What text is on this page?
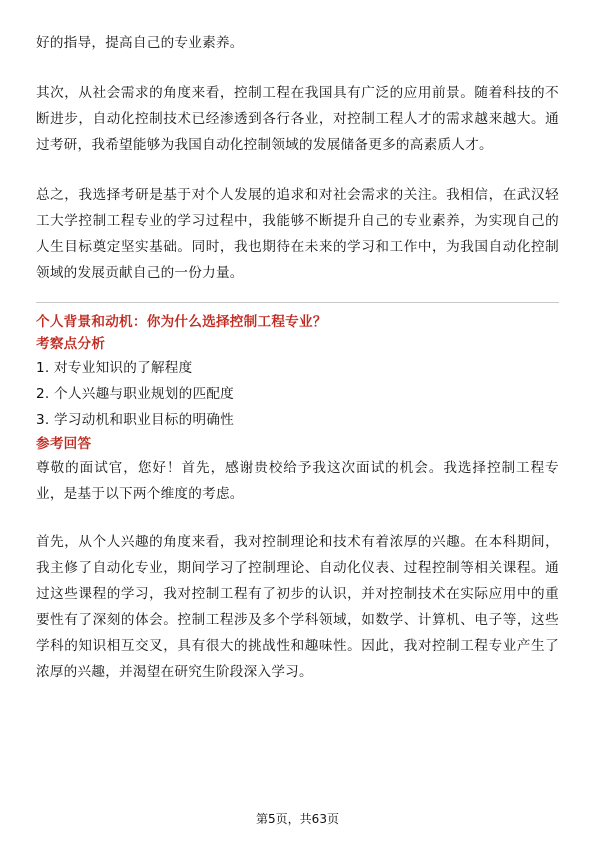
好的指导，提高自己的专业素养。

其次，从社会需求的角度来看，控制工程在我国具有广泛的应用前景。随着科技的不断进步，自动化控制技术已经渗透到各行各业，对控制工程人才的需求越来越大。通过考研，我希望能够为我国自动化控制领域的发展储备更多的高素质人才。

总之，我选择考研是基于对个人发展的追求和对社会需求的关注。我相信，在武汉轻工大学控制工程专业的学习过程中，我能够不断提升自己的专业素养，为实现自己的人生目标奠定坚实基础。同时，我也期待在未来的学习和工作中，为我国自动化控制领域的发展贡献自己的一份力量。

个人背景和动机：你为什么选择控制工程专业？

考察点分析

1. 对专业知识的了解程度
2. 个人兴趣与职业规划的匹配度
3. 学习动机和职业目标的明确性

参考回答

尊敬的面试官，您好！首先，感谢贵校给予我这次面试的机会。我选择控制工程专业，是基于以下两个维度的考虑。

首先，从个人兴趣的角度来看，我对控制理论和技术有着浓厚的兴趣。在本科期间，我主修了自动化专业，期间学习了控制理论、自动化仪表、过程控制等相关课程。通过这些课程的学习，我对控制工程有了初步的认识，并对控制技术在实际应用中的重要性有了深刻的体会。控制工程涉及多个学科领域，如数学、计算机、电子等，这些学科的知识相互交叉，具有很大的挑战性和趣味性。因此，我对控制工程专业产生了浓厚的兴趣，并渴望在研究生阶段深入学习。

第5页，共63页
